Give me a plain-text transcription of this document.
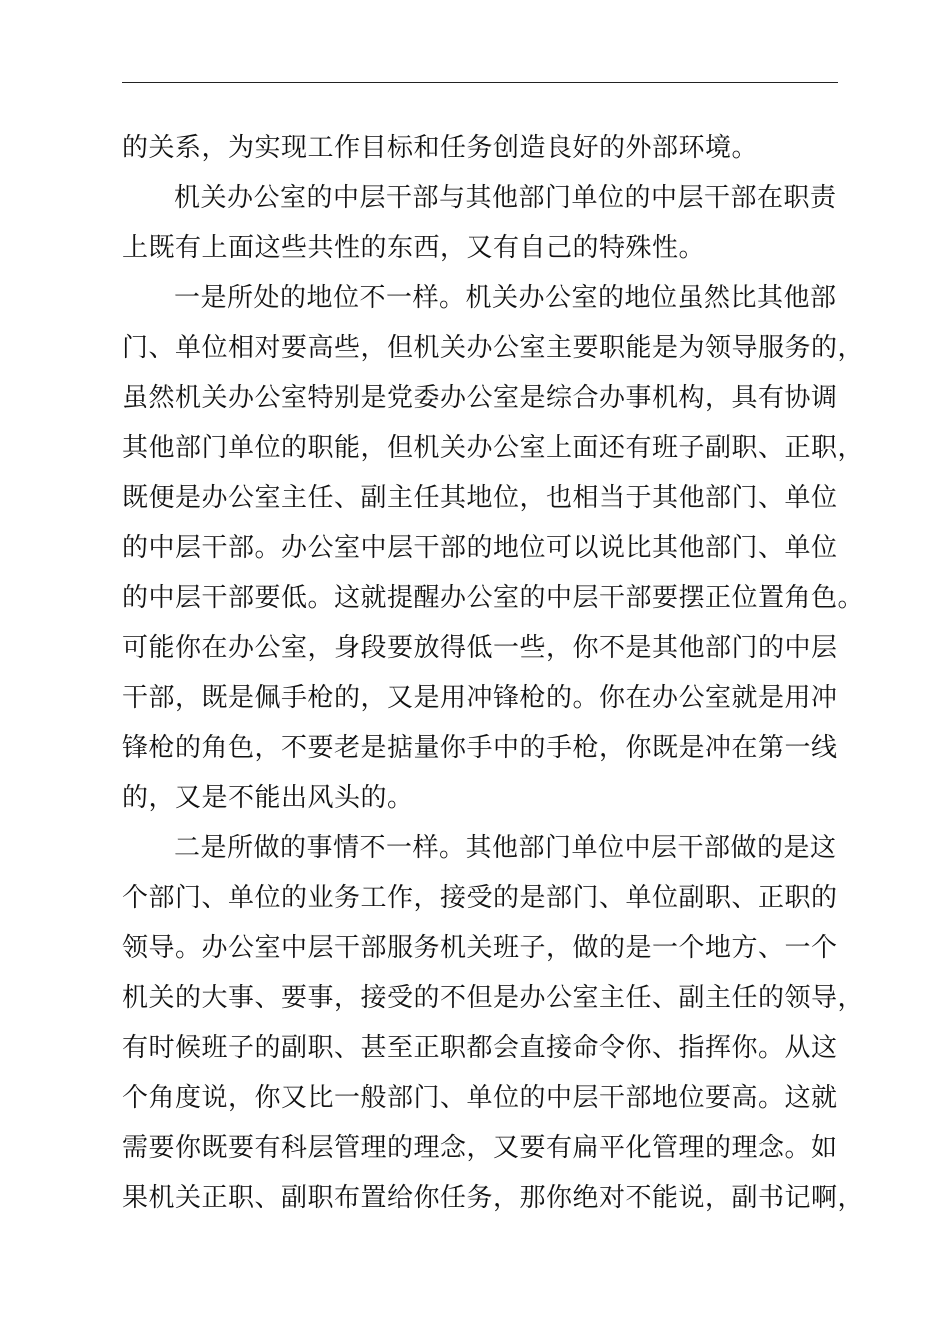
的关系，为实现工作目标和任务创造良好的外部环境。
机关办公室的中层干部与其他部门单位的中层干部在职责
上既有上面这些共性的东西，又有自己的特殊性。
一是所处的地位不一样。机关办公室的地位虽然比其他部
门、单位相对要高些，但机关办公室主要职能是为领导服务的，
虽然机关办公室特别是党委办公室是综合办事机构，具有协调
其他部门单位的职能，但机关办公室上面还有班子副职、正职，
既便是办公室主任、副主任其地位，也相当于其他部门、单位
的中层干部。办公室中层干部的地位可以说比其他部门、单位
的中层干部要低。这就提醒办公室的中层干部要摆正位置角色。
可能你在办公室，身段要放得低一些，你不是其他部门的中层
干部，既是佩手枪的，又是用冲锋枪的。你在办公室就是用冲
锋枪的角色，不要老是掂量你手中的手枪，你既是冲在第一线
的，又是不能出风头的。
二是所做的事情不一样。其他部门单位中层干部做的是这
个部门、单位的业务工作，接受的是部门、单位副职、正职的
领导。办公室中层干部服务机关班子，做的是一个地方、一个
机关的大事、要事，接受的不但是办公室主任、副主任的领导，
有时候班子的副职、甚至正职都会直接命令你、指挥你。从这
个角度说，你又比一般部门、单位的中层干部地位要高。这就
需要你既要有科层管理的理念，又要有扁平化管理的理念。如
果机关正职、副职布置给你任务，那你绝对不能说，副书记啊，
